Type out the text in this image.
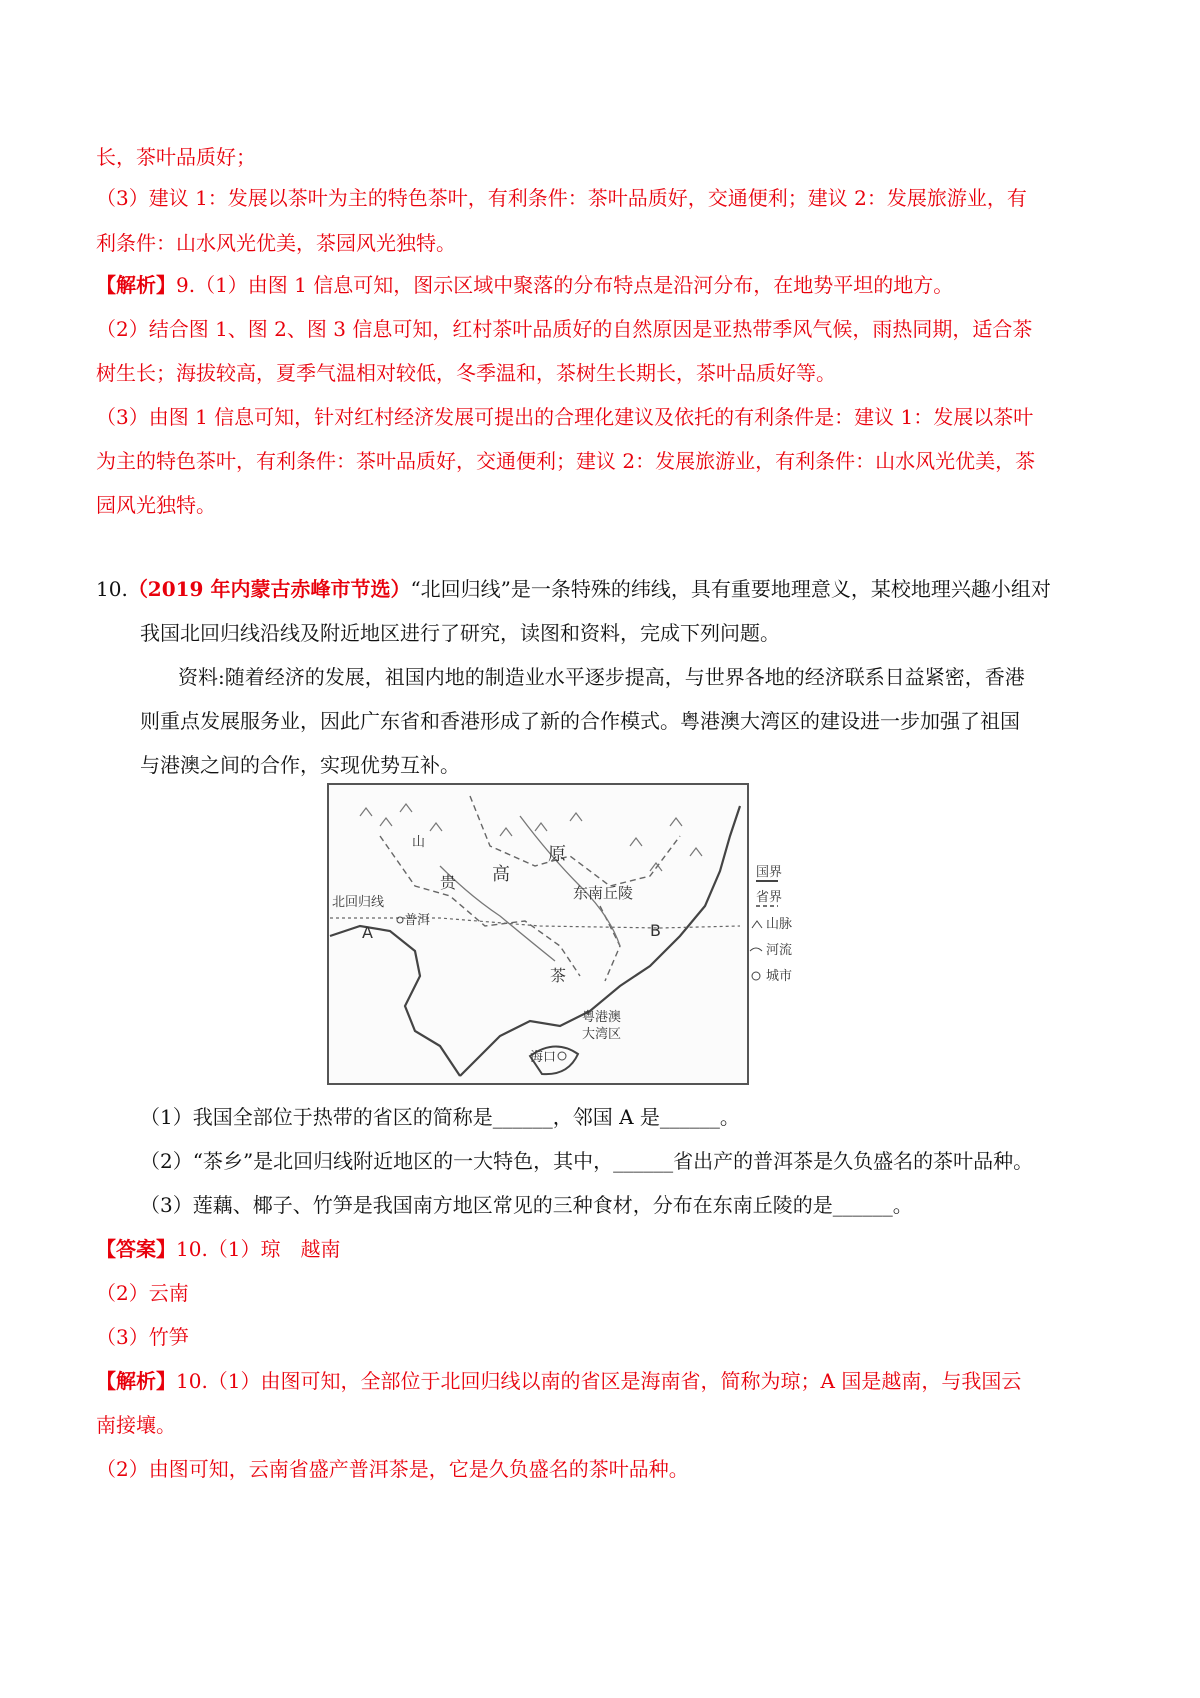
长，茶叶品质好；
（3）建议 1：发展以茶叶为主的特色茶叶，有利条件：茶叶品质好，交通便利；建议 2：发展旅游业，有
利条件：山水风光优美，茶园风光独特。
【解析】9.（1）由图 1 信息可知，图示区域中聚落的分布特点是沿河分布，在地势平坦的地方。
（2）结合图 1、图 2、图 3 信息可知，红村茶叶品质好的自然原因是亚热带季风气候，雨热同期，适合茶
树生长；海拔较高，夏季气温相对较低，冬季温和，茶树生长期长，茶叶品质好等。
（3）由图 1 信息可知，针对红村经济发展可提出的合理化建议及依托的有利条件是：建议 1：发展以茶叶
为主的特色茶叶，有利条件：茶叶品质好，交通便利；建议 2：发展旅游业，有利条件：山水风光优美，茶
园风光独特。
10.（2019 年内蒙古赤峰市节选）“北回归线”是一条特殊的纬线，具有重要地理意义，某校地理兴趣小组对
我国北回归线沿线及附近地区进行了研究，读图和资料，完成下列问题。
资料:随着经济的发展，祖国内地的制造业水平逐步提高，与世界各地的经济联系日益紧密，香港
则重点发展服务业，因此广东省和香港形成了新的合作模式。粤港澳大湾区的建设进一步加强了祖国
与港澳之间的合作，实现优势互补。
高
原
东南丘陵
北回归线
普洱
A	B
海口
粤港澳
大湾区
山
贵
茶
国界
省界
山脉
河流
城市
（1）我国全部位于热带的省区的简称是______，邻国 A 是______。
（2）“茶乡”是北回归线附近地区的一大特色，其中，______省出产的普洱茶是久负盛名的茶叶品种。
（3）莲藕、椰子、竹笋是我国南方地区常见的三种食材，分布在东南丘陵的是______。
【答案】10.（1）琼　越南
（2）云南
（3）竹笋
【解析】10.（1）由图可知，全部位于北回归线以南的省区是海南省，简称为琼；A 国是越南，与我国云
南接壤。
（2）由图可知，云南省盛产普洱茶是，它是久负盛名的茶叶品种。
